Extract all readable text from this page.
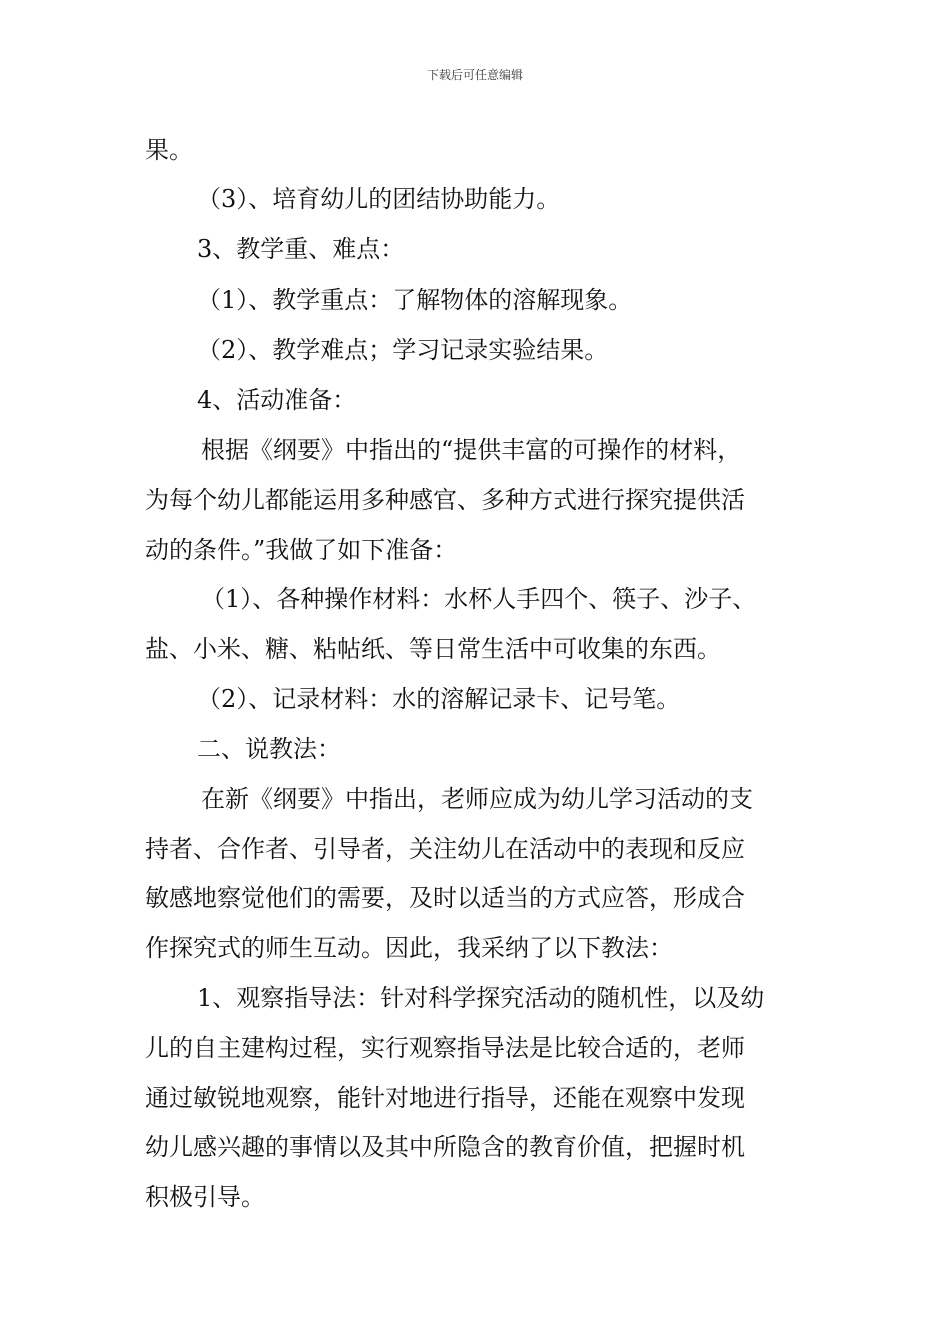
下载后可任意编辑
果。
（3）、培育幼儿的团结协助能力。
3、教学重、难点：
（1）、教学重点：了解物体的溶解现象。
（2）、教学难点；学习记录实验结果。
4、活动准备：
根据《纲要》中指出的“提供丰富的可操作的材料，
为每个幼儿都能运用多种感官、多种方式进行探究提供活
动的条件。”我做了如下准备：
（1）、各种操作材料：水杯人手四个、筷子、沙子、
盐、小米、糖、粘帖纸、等日常生活中可收集的东西。
（2）、记录材料：水的溶解记录卡、记号笔。
二、说教法：
在新《纲要》中指出，老师应成为幼儿学习活动的支
持者、合作者、引导者，关注幼儿在活动中的表现和反应
敏感地察觉他们的需要，及时以适当的方式应答，形成合
作探究式的师生互动。因此，我采纳了以下教法：
1、观察指导法：针对科学探究活动的随机性，以及幼
儿的自主建构过程，实行观察指导法是比较合适的，老师
通过敏锐地观察，能针对地进行指导，还能在观察中发现
幼儿感兴趣的事情以及其中所隐含的教育价值，把握时机
积极引导。
